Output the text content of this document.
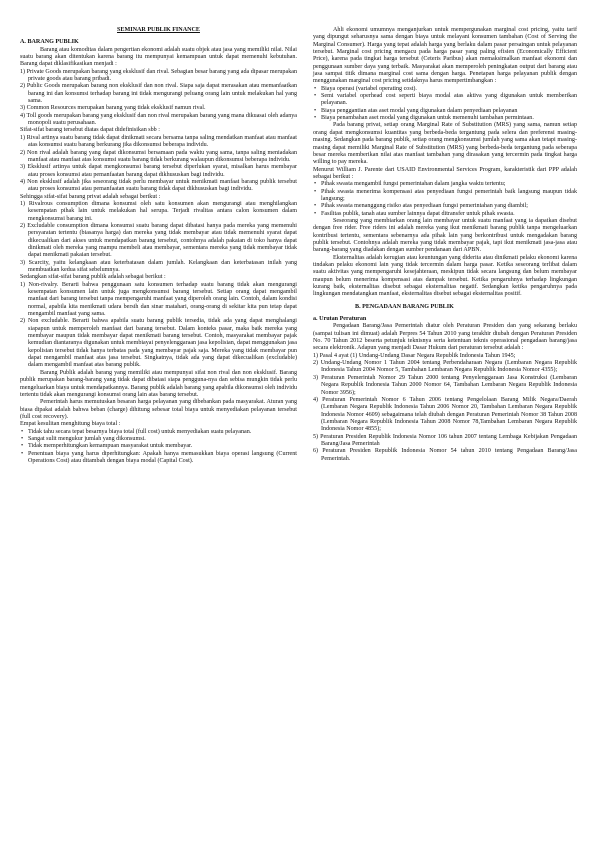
SEMINAR PUBLIK FINANCE

A. BARANG PUBLIK

Barang atau komoditas dalam pengertian ekonomi adalah suatu objek atau jasa yang memiliki nilai. Nilai suatu barang akan ditentukan karena barang itu mempunyai kemampuan untuk dapat memenuhi kebutuhan. Barang dapat diklasifikasikan menjadi :

1) Private Goods merupakan barang yang eksklusif dan rival. Sebagian besar barang yang ada dipasar merupakan private goods atau barang pribadi.

2) Public Goods merupakan barang non eksklusif dan non rival. Siapa saja dapat merasakan atau memanfaatkan barang ini dan konsumsi terhadap barang ini tidak mengurangi peluang orang lain untuk melakukan hal yang sama.

3) Common Resources merupakan barang yang tidak eksklusif namun rival.

4) Toll goods merupakan barang yang eksklusif dan non rival merupakan barang yang mana dikuasai oleh adanya monopoli suatu perusahaan.

Sifat-sifat barang tersebut diatas dapat didefinisikan sbb :

1) Rival artinya suatu barang tidak dapat dinikmati secara bersama tanpa saling mendatkan manfaat atau manfaat atas konsumsi suatu barang berkurang jika dikonsumsi beberapa individu.

2) Non rival adalah barang yang dapat dikonsumsi bersamaan pada waktu yang sama, tanpa saling meniadakan manfaat atau manfaat atas konsumsi suatu barang tidak berkurang walaupun dikonsumsi beberapa individu.

3) Eksklusif artinya untuk dapat mengkonsumsi barang tersebut diperlukan syarat, misalkan harus membayar atau proses konsumsi atau pemanfaatan barang dapat dikhususkan bagi individu.

4) Non eksklusif adalah jika seseorang tidak perlu membayar untuk menikmati manfaat barang publik tersebut atau proses konsumsi atau pemanfaatan suatu barang tidak dapat dikhususkan bagi individu.

Sehingga sifat-sifat barang privat adalah sebagai berikut :

1) Rivalrous consumption dimana konsumsi oleh satu konsumen akan mengurangi atau menghilangkan kesempatan pihak lain untuk melakukan hal serupa. Terjadi rivalitas antara calon konsumen dalam mengkonsumsi barang ini.

2) Excludable consumption dimana konsumsi suatu barang dapat dibatasi hanya pada mereka yang memenuhi persyaratan tertentu (biasanya harga) dan mereka yang tidak membayar atau tidak memenuhi syarat dapat dikecualikan dari akses untuk mendapatkan barang tersebut, contohnya adalah pakaian di toko hanya dapat dinikmati oleh mereka yang mampu membeli atau membayar, sementara mereka yang tidak membayar tidak dapat menikmati pakaian tersebut.

3) Scarcity, yaitu kelangkaan atau keterbatasan dalam jumlah. Kelangkaan dan keterbatasan inilah yang membuatkan kedua sifat sebelumnya.

Sedangkan sifat-sifat barang publik adalah sebagai berikut :

1) Non-rivalry. Berarti bahwa penggunaan satu konsumen terhadap suatu barang tidak akan mengurangi kesempatan konsumen lain untuk juga mengkonsumsi barang tersebut. Setiap orang dapat mengambil manfaat dari barang tersebut tanpa mempengaruhi manfaat yang diperoleh orang lain. Contoh, dalam kondisi normal, apabila kita menikmati udara bersih dan sinar matahari, orang-orang di sekitar kita pun tetap dapat mengambil manfaat yang sama.

2) Non excludable. Berarti bahwa apabila suatu barang publik tersedia, tidak ada yang dapat menghalangi siapapun untuk memperoleh manfaat dari barang tersebut. Dalam konteks pasar, maka baik mereka yang membayar maupun tidak membayar dapat menikmati barang tersebut. Contoh, masyarakat membayar pajak kemudian diantaranya digunakan untuk membiayai penyelenggaraan jasa kepolisian, dapat menggunakan jasa kepolisian tersebut tidak hanya terbatas pada yang membayar pajak saja. Mereka yang tidak membayar pun dapat mengambil manfaat atas jasa tersebut. Singkatnya, tidak ada yang dapat dikecualikan (excludable) dalam mengambil manfaat atas barang publik.

Barang Publik adalah barang yang memiliki atau mempunyai sifat non rival dan non eksklusif. Barang publik merupakan barang-barang yang tidak dapat dibatasi siapa pengguna-nya dan sebisa mungkin tidak perlu mengeluarkan biaya untuk mendapatkannya. Barang publik adalah barang yang apabila dikonsumsi oleh individu tertentu tidak akan mengurangi konsumsi orang lain atas barang tersebut.

Pemerintah harus memutuskan besaran harga pelayanan yang dibebankan pada masyarakat. Aturan yang biasa dipakai adalah bahwa beban (charge) dihitung sebesar total biaya untuk menyediakan pelayanan tersebut (full cost recovery).

Empat kesulitan menghitung biaya total :

• Tidak tahu secara tepat besarnya biaya total (full cost) untuk menyediakan suatu pelayanan.

• Sangat sulit mengukur jumlah yang dikonsumsi.

• Tidak memperhitungkan kemampuan masyarakat untuk membayar.

• Penentuan biaya yang harus diperhitungkan: Apakah hanya memasukkan biaya operasi langsung (Current Operations Cost) atau ditambah dengan biaya modal (Capital Cost).

Ahli ekonomi umumnya menganjurkan untuk mempergunakan marginal cost pricing, yaitu tarif yang dipungut seharusnya sama dengan biaya untuk melayani konsumen tambahan (Cost of Serving the Marginal Consumer). Harga yang tepat adalah harga yang berlaku dalam pasar persaingan untuk pelayanan tersebut. Marginal cost pricing mengacu pada harga pasar yang paling efisien (Economically Efficient Price), karena pada tingkat harga tersebut (Ceteris Paribus) akan memaksimalkan manfaat ekonomi dan penggunaan sumber daya yang terbaik. Masyarakat akan memperoleh peningkatan output dari barang atau jasa sampai titik dimana marginal cost sama dengan harga. Penetapan harga pelayanan publik dengan menggunakan marginal cost pricing setidaknya harus mempertimbangkan :

• Biaya operasi (variabel operating cost).

• Semi variabel operhead cost seperti biaya modal atas aktiva yang digunakan untuk memberikan pelayanan.

• Biaya penggantian atas aset modal yang digunakan dalam penyediaan pelayanan

• Biaya penambahan aset modal yang digunakan untuk memenuhi tambahan permintaan.

Pada barang privat, setiap orang Marginal Rate of Substitution (MRS) yang sama, namun setiap orang dapat mengkonsumsi kuantitas yang berbeda-beda tergantung pada selera dan preferensi masing-masing. Sedangkan pada barang publik, setiap orang mengkonsumsi jumlah yang sama akan tetapi masing-masing dapat memiliki Marginal Rate of Substitution (MRS) yang berbeda-beda tergantung pada seberapa besar mereka memberikan nilai atas manfaat tambahan yang dirasakan yang tercermin pada tingkat harga willing to pay mereka.

Menurut William J. Parente dari USAID Environmental Services Program, karakteristik dari PPP adalah sebagai berikut :

• Pihak swasta mengambil fungsi pemerintahan dalam jangka waktu tertentu;

• Pihak swasta menerima kompensasi atas penyediaan fungsi pemerintah baik langsung maupun tidak langsung;

• Pihak swasta menanggung risiko atas penyediaan fungsi pemerintahan yang diambil;

• Fasilitas publik, tanah atau sumber lainnya dapat ditransfer untuk pihak swasta.

Seseorang yang membiarkan orang lain membayar untuk suatu manfaat yang ia dapatkan disebut dengan free rider. Free riders ini adalah mereka yang ikut menikmati barang publik tanpa mengeluarkan kontribusi tertentu, sementara sebenarnya ada pihak lain yang berkontribusi untuk mengadakan barang publik tersebut. Contohnya adalah mereka yang tidak membayar pajak, tapi ikut menikmati jasa-jasa atau barang-barang yang diadakan dengan sumber pendanaan dari APBN.

Eksternalitas adalah kerugian atau keuntungan yang diderita atau dinikmati pelaku ekonomi karena tindakan pelaku ekonomi lain yang tidak tercermin dalam harga pasar. Ketika seseorang terlibat dalam suatu aktivitas yang mempengaruhi kesejahteraan, meskipun tidak secara langsung dan belum membayar maupun belum menerima kompensasi atas dampak tersebut. Ketika pengaruhnya terhadap lingkungan kurang baik, eksternalitas disebut sebagai eksternalitas negatif. Sedangkan ketika pengaruhnya pada lingkungan mendatangkan manfaat, eksternalitas disebut sebagai eksternalitas positif.

B. PENGADAAN BARANG PUBLIK

a. Urutan Peraturan

Pengadaan Barang/Jasa Pemerintah diatur oleh Peraturan Presiden dan yang sekarang berlaku (sampai tulisan ini dimuat) adalah Perpres 54 Tahun 2010 yang terakhir diubah dengan Peraturan Presiden No. 70 Tahun 2012 beserta petunjuk teknisnya serta ketentuan teknis operasional pengadaan barang/jasa secara elektronik. Adapun yang menjadi Dasar Hukum dari peraturan tersebut adalah :

1) Pasal 4 ayat (1) Undang-Undang Dasar Negara Republik Indonesia Tahun 1945;

2) Undang-Undang Nomor 1 Tahun 2004 tentang Perbendaharaan Negara (Lembaran Negara Republik Indonesia Tahun 2004 Nomor 5, Tambahan Lembaran Negara Republik Indonesia Nomor 4355);

3) Peraturan Pemerintah Nomor 29 Tahun 2000 tentang Penyelenggaraan Jasa Konstruksi (Lembaran Negara Republik Indonesia Tahun 2000 Nomor 64, Tambahan Lembaran Negara Republik Indonesia Nomor 3956);

4) Peraturan Pemerintah Nomor 6 Tahun 2006 tentang Pengelolaan Barang Milik Negara/Daerah (Lembaran Negara Republik Indonesia Tahun 2006 Nomor 20, Tambahan Lembaran Negara Republik Indonesia Nomor 4609) sebagaimana telah diubah dengan Peraturan Pemerintah Nomor 38 Tahun 2008 (Lembaran Negara Republik Indonesia Tahun 2008 Nomor 78,Tambahan Lembaran Negara Republik Indonesia Nomor 4855);

5) Peraturan Presiden Republik Indonesia Nomor 106 tahun 2007 tentang Lembaga Kebijakan Pengadaan Barang/Jasa Pemerintah

6) Peraturan Presiden Republik Indonesia Nomor 54 tahun 2010 tentang Pengadaan Barang/Jasa Pemerintah.
